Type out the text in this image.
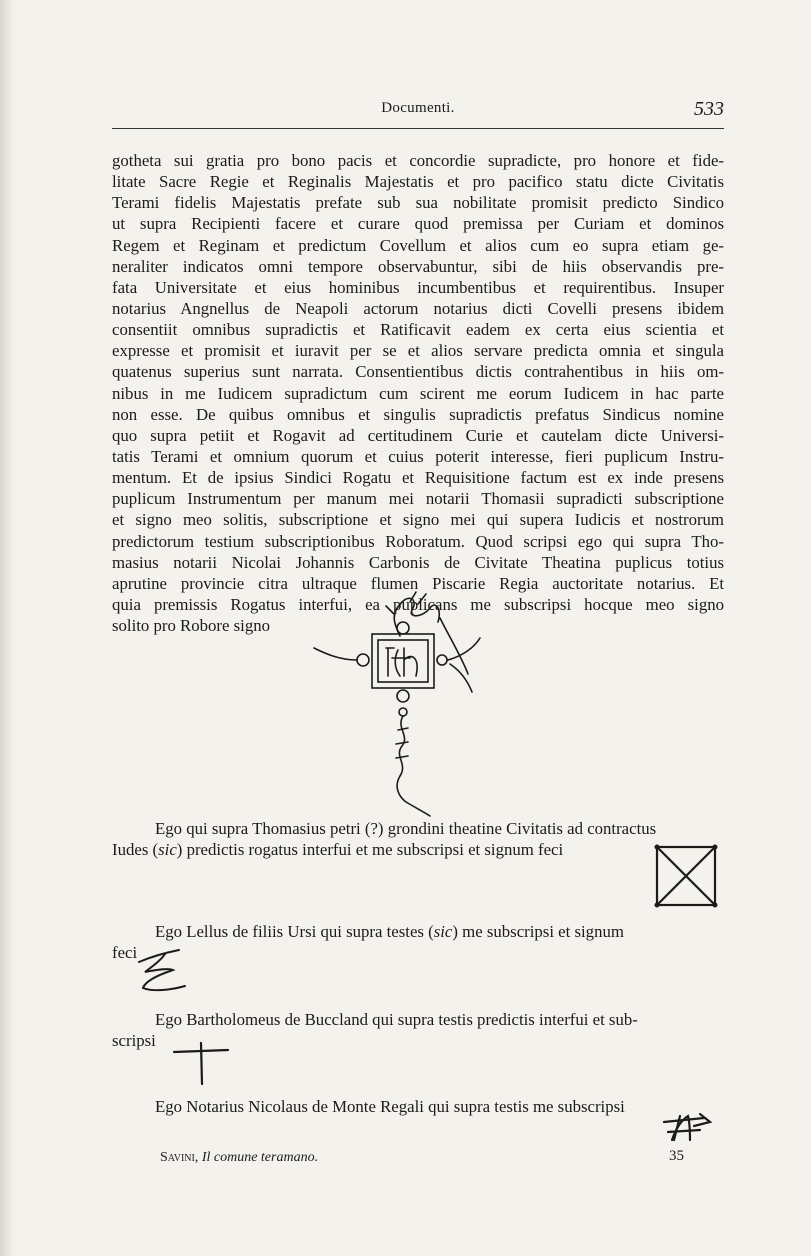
Documenti.	533
gotheta sui gratia pro bono pacis et concordie supradicte, pro honore et fide-
litate Sacre Regie et Reginalis Majestatis et pro pacifico statu dicte Civitatis
Terami fidelis Majestatis prefate sub sua nobilitate promisit predicto Sindico
ut supra Recipienti facere et curare quod premissa per Curiam et dominos
Regem et Reginam et predictum Covellum et alios cum eo supra etiam ge-
neraliter indicatos omni tempore observabuntur, sibi de hiis observandis pre-
fata Universitate et eius hominibus incumbentibus et requirentibus. Insuper
notarius Angnellus de Neapoli actorum notarius dicti Covelli presens ibidem
consentiit omnibus supradictis et Ratificavit eadem ex certa eius scientia et
expresse et promisit et iuravit per se et alios servare predicta omnia et singula
quatenus superius sunt narrata. Consentientibus dictis contrahentibus in hiis om-
nibus in me Iudicem supradictum cum scirent me eorum Iudicem in hac parte
non esse. De quibus omnibus et singulis supradictis prefatus Sindicus nomine
quo supra petiit et Rogavit ad certitudinem Curie et cautelam dicte Universi-
tatis Terami et omnium quorum et cuius poterit interesse, fieri puplicum Instru-
mentum. Et de ipsius Sindici Rogatu et Requisitione factum est ex inde presens
puplicum Instrumentum per manum mei notarii Thomasii supradicti subscriptione
et signo meo solitis, subscriptione et signo mei qui supera Iudicis et nostrorum
predictorum testium subscriptionibus Roboratum. Quod scripsi ego qui supra Tho-
masius notarii Nicolai Johannis Carbonis de Civitate Theatina puplicus totius
aprutine provincie citra ultraque flumen Piscarie Regia auctoritate notarius. Et
quia premissis Rogatus interfui, ea puplicans me subscripsi hocque meo signo
solito pro Robore signo
Ego qui supra Thomasius petri (?) grondini theatine Civitatis ad contractus
Iudes (sic) predictis rogatus interfui et me subscripsi et signum feci
Ego Lellus de filiis Ursi qui supra testes (sic) me subscripsi et signum
feci
Ego Bartholomeus de Buccland qui supra testis predictis interfui et sub-
scripsi
Ego Notarius Nicolaus de Monte Regali qui supra testis me subscripsi
Savini, Il comune teramano.	35
